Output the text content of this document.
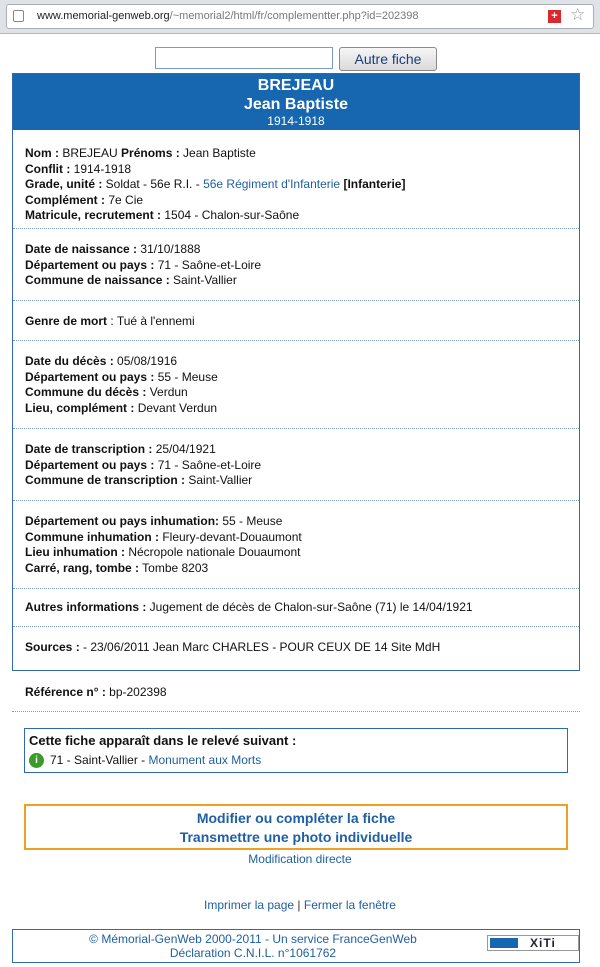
www.memorial-genweb.org/~memorial2/html/fr/complementter.php?id=202398	+ ☆
Autre fiche
BREJEAU
Jean Baptiste
1914-1918
Nom : BREJEAU Prénoms : Jean Baptiste
Conflit : 1914-1918
Grade, unité : Soldat - 56e R.I. - 56e Régiment d'Infanterie [Infanterie]
Complément : 7e Cie
Matricule, recrutement : 1504 - Chalon-sur-Saône
Date de naissance : 31/10/1888
Département ou pays : 71 - Saône-et-Loire
Commune de naissance : Saint-Vallier
Genre de mort : Tué à l'ennemi
Date du décès : 05/08/1916
Département ou pays : 55 - Meuse
Commune du décès : Verdun
Lieu, complément : Devant Verdun
Date de transcription : 25/04/1921
Département ou pays : 71 - Saône-et-Loire
Commune de transcription : Saint-Vallier
Département ou pays inhumation: 55 - Meuse
Commune inhumation : Fleury-devant-Douaumont
Lieu inhumation : Nécropole nationale Douaumont
Carré, rang, tombe : Tombe 8203
Autres informations : Jugement de décès de Chalon-sur-Saône (71) le 14/04/1921
Sources : - 23/06/2011 Jean Marc CHARLES - POUR CEUX DE 14 Site MdH
Référence n° : bp-202398
Cette fiche apparaît dans le relevé suivant :
i 71 - Saint-Vallier - Monument aux Morts
Modifier ou compléter la fiche
Transmettre une photo individuelle
Modification directe
Imprimer la page | Fermer la fenêtre
© Mémorial-GenWeb 2000-2011 - Un service FranceGenWeb
Déclaration C.N.I.L. n°1061762
XiTi
